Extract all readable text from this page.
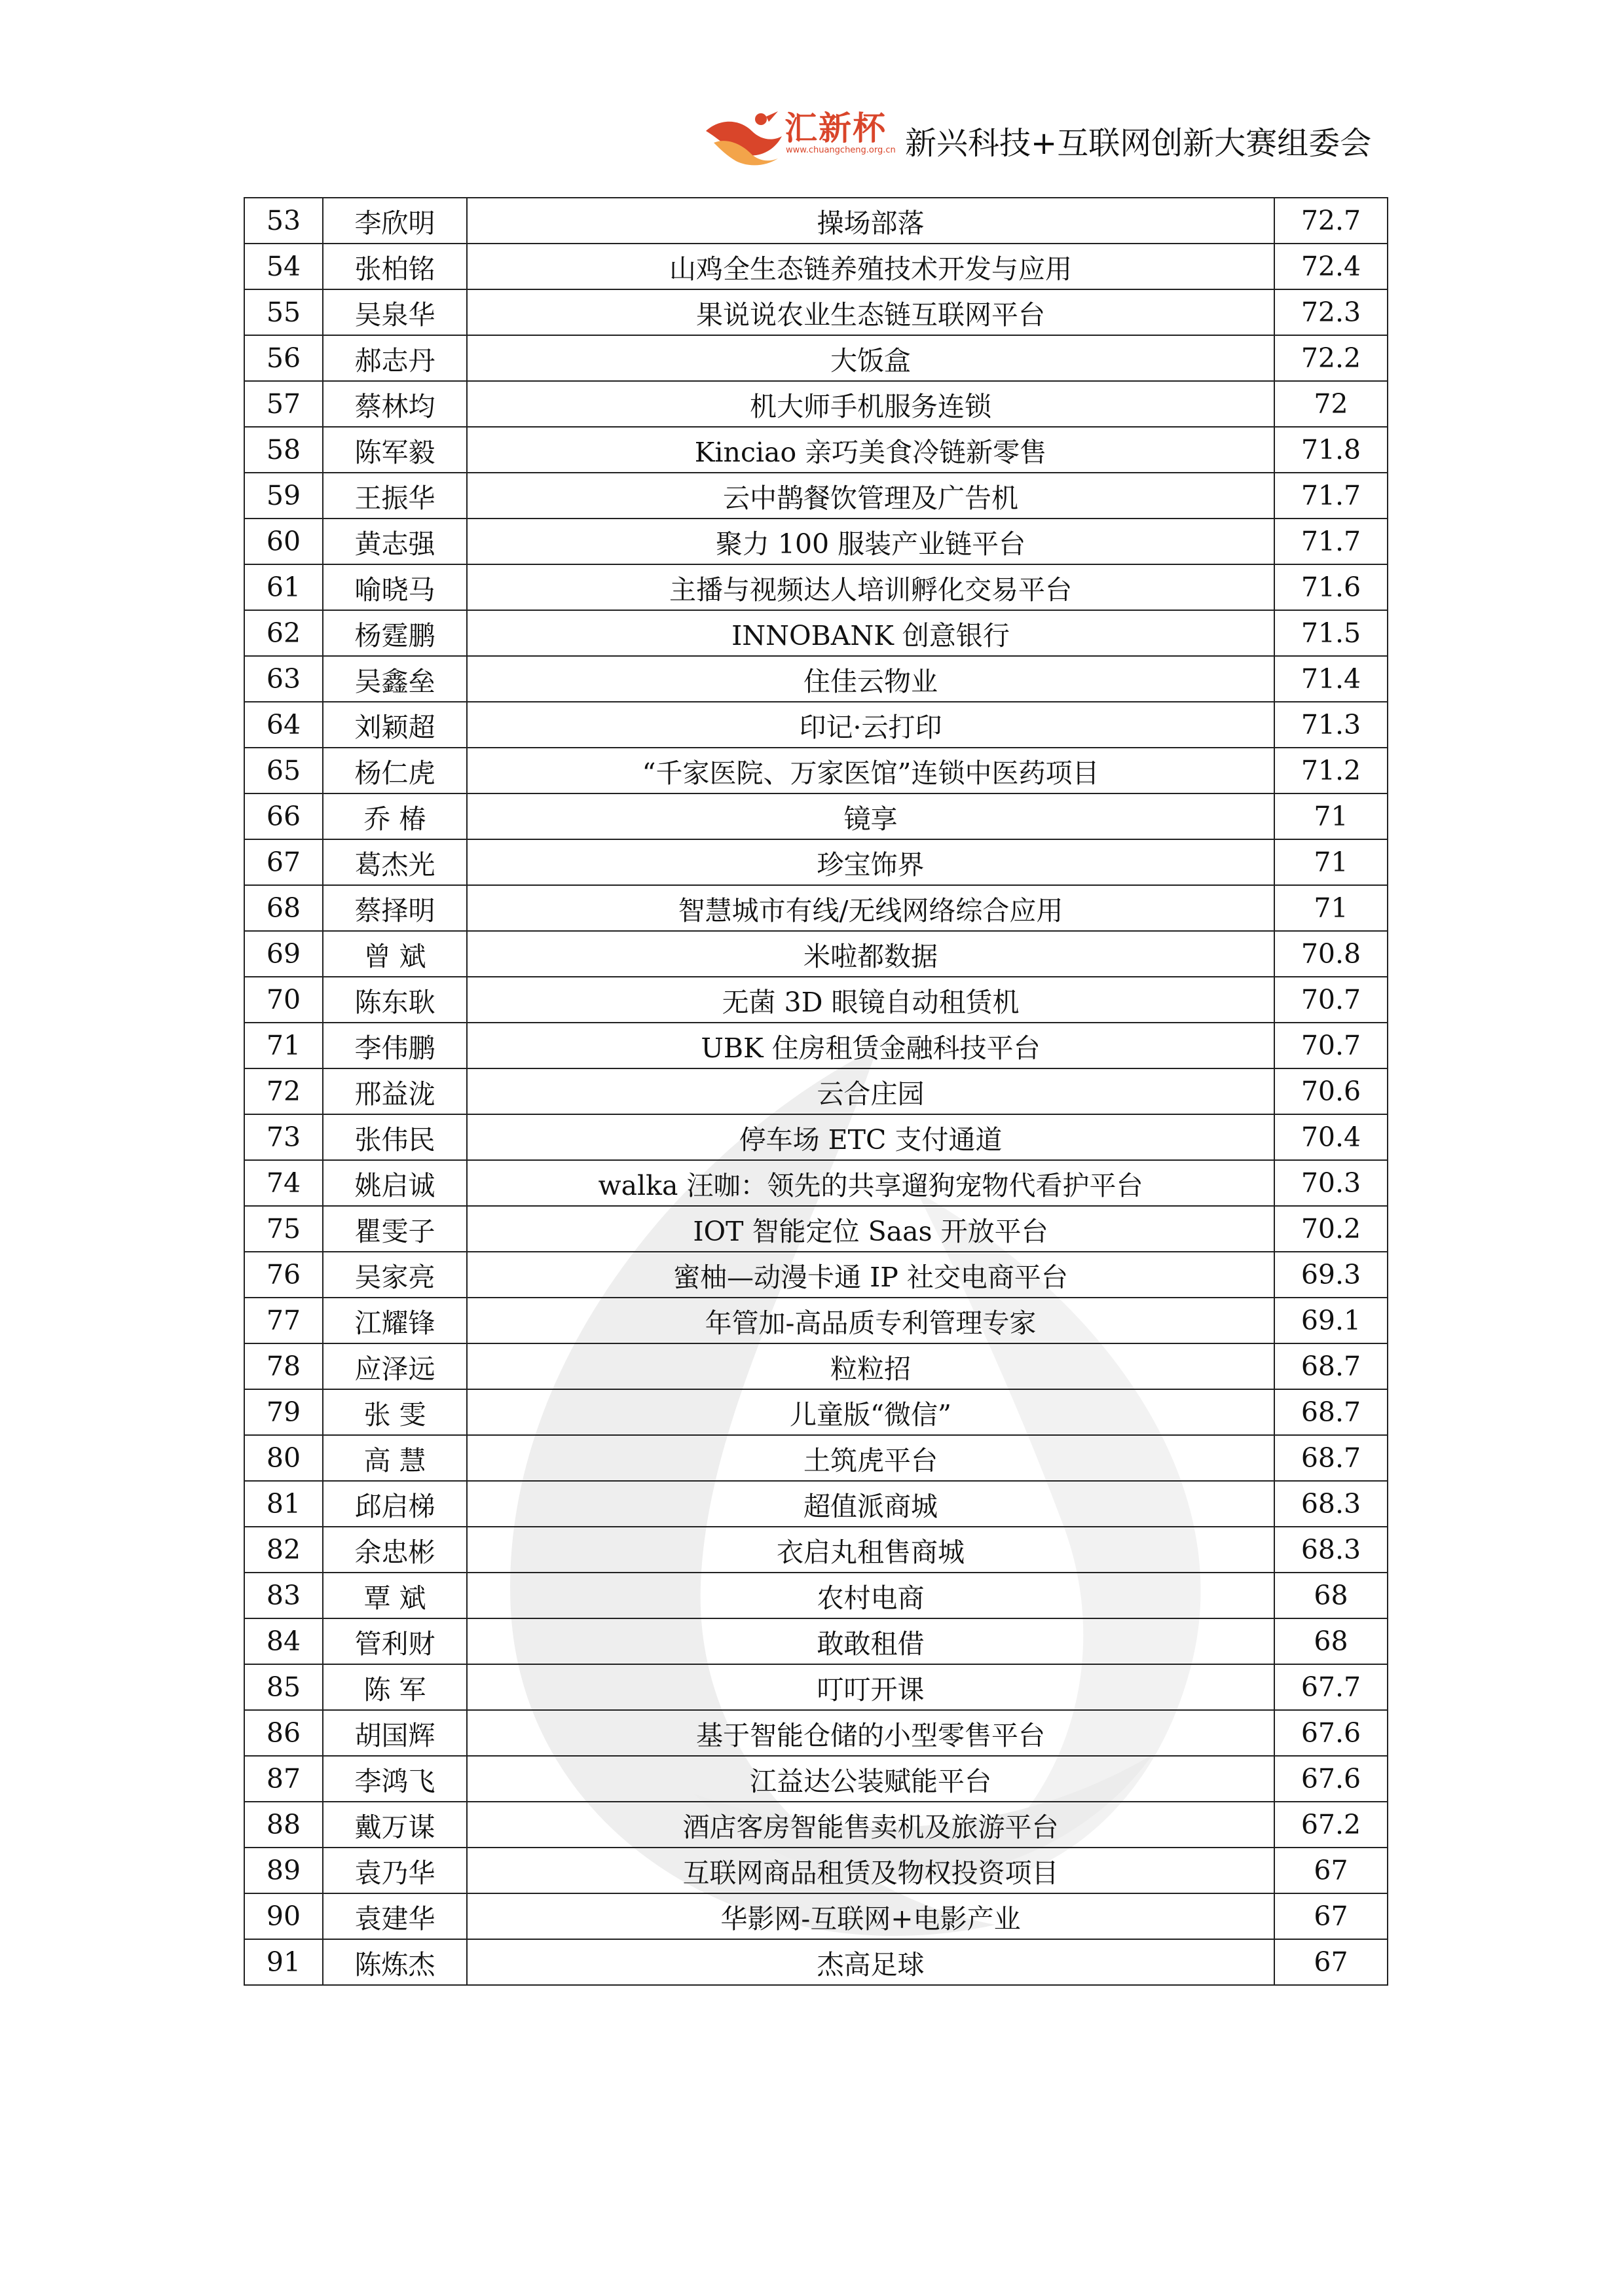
汇新杯
www.chuangcheng.org.cn 新兴科技+互联网创新大赛组委会
53	李欣明	操场部落	72.7
54	张柏铭	山鸡全生态链养殖技术开发与应用	72.4
55	吴泉华	果说说农业生态链互联网平台	72.3
56	郝志丹	大饭盒	72.2
57	蔡林均	机大师手机服务连锁	72
58	陈军毅	Kinciao 亲巧美食冷链新零售	71.8
59	王振华	云中鹊餐饮管理及广告机	71.7
60	黄志强	聚力 100 服装产业链平台	71.7
61	喻晓马	主播与视频达人培训孵化交易平台	71.6
62	杨霆鹏	INNOBANK 创意银行	71.5
63	吴鑫垒	住佳云物业	71.4
64	刘颖超	印记·云打印	71.3
65	杨仁虎	“千家医院、万家医馆”连锁中医药项目	71.2
66	乔 椿	镜享	71
67	葛杰光	珍宝饰界	71
68	蔡择明	智慧城市有线/无线网络综合应用	71
69	曾 斌	米啦都数据	70.8
70	陈东耿	无菌 3D 眼镜自动租赁机	70.7
71	李伟鹏	UBK 住房租赁金融科技平台	70.7
72	邢益泷	云合庄园	70.6
73	张伟民	停车场 ETC 支付通道	70.4
74	姚启诚	walka 汪咖：领先的共享遛狗宠物代看护平台	70.3
75	瞿雯子	IOT 智能定位 Saas 开放平台	70.2
76	吴家亮	蜜柚—动漫卡通 IP 社交电商平台	69.3
77	江耀锋	年管加-高品质专利管理专家	69.1
78	应泽远	粒粒招	68.7
79	张 雯	儿童版“微信”	68.7
80	高 慧	土筑虎平台	68.7
81	邱启梯	超值派商城	68.3
82	余忠彬	衣启丸租售商城	68.3
83	覃 斌	农村电商	68
84	管利财	敢敢租借	68
85	陈 军	叮叮开课	67.7
86	胡国辉	基于智能仓储的小型零售平台	67.6
87	李鸿飞	江益达公装赋能平台	67.6
88	戴万谋	酒店客房智能售卖机及旅游平台	67.2
89	袁乃华	互联网商品租赁及物权投资项目	67
90	袁建华	华影网-互联网+电影产业	67
91	陈炼杰	杰高足球	67
